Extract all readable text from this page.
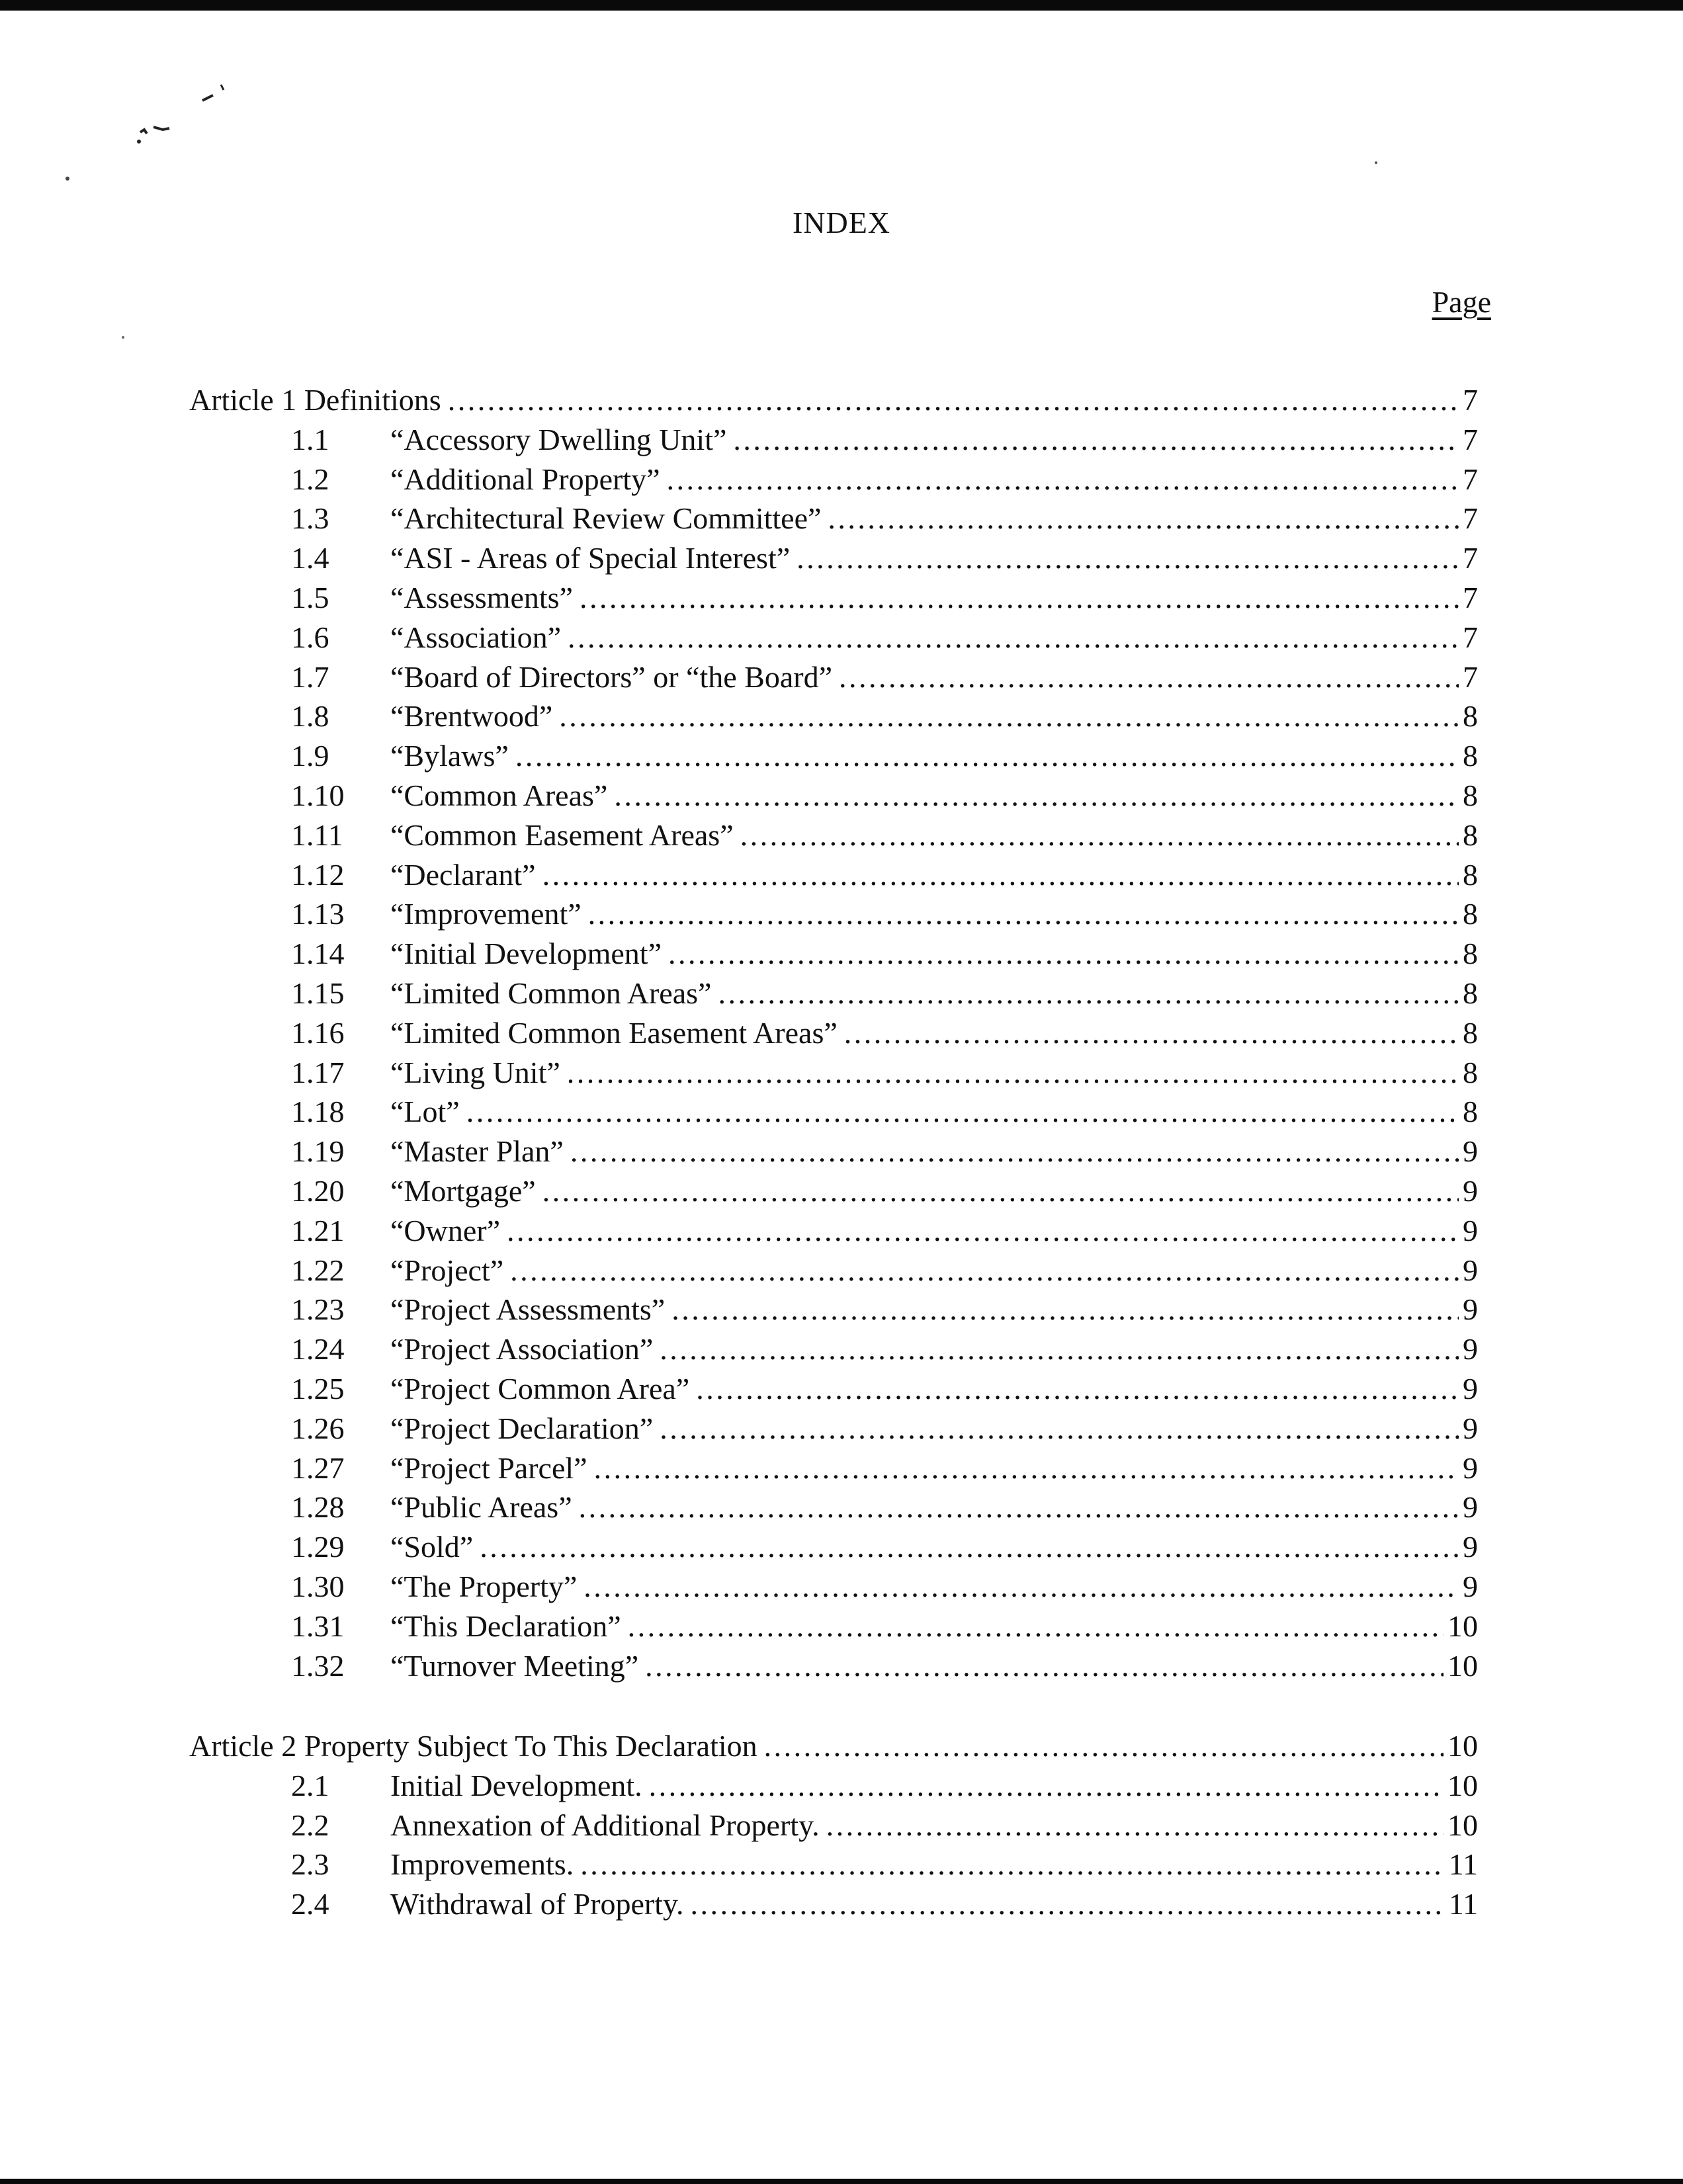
INDEX
Page
Article 1 Definitions . . .	7
1.1 “Accessory Dwelling Unit” . . .	7
1.2 “Additional Property” . . .	7
1.3 “Architectural Review Committee” . . .	7
1.4 “ASI - Areas of Special Interest” . . .	7
1.5 “Assessments” . . .	7
1.6 “Association” . . .	7
1.7 “Board of Directors” or “the Board” . . .	7
1.8 “Brentwood” . . .	8
1.9 “Bylaws” . . .	8
1.10 “Common Areas” . . .	8
1.11 “Common Easement Areas” . . .	8
1.12 “Declarant” . . .	8
1.13 “Improvement” . . .	8
1.14 “Initial Development” . . .	8
1.15 “Limited Common Areas” . . .	8
1.16 “Limited Common Easement Areas” . . .	8
1.17 “Living Unit” . . .	8
1.18 “Lot” . . .	8
1.19 “Master Plan” . . .	9
1.20 “Mortgage” . . .	9
1.21 “Owner” . . .	9
1.22 “Project” . . .	9
1.23 “Project Assessments” . . .	9
1.24 “Project Association” . . .	9
1.25 “Project Common Area” . . .	9
1.26 “Project Declaration” . . .	9
1.27 “Project Parcel” . . .	9
1.28 “Public Areas” . . .	9
1.29 “Sold” . . .	9
1.30 “The Property” . . .	9
1.31 “This Declaration” . . .	10
1.32 “Turnover Meeting” . . .	10
Article 2 Property Subject To This Declaration . . .	10
2.1 Initial Development. . . .	10
2.2 Annexation of Additional Property. . . .	10
2.3 Improvements. . . .	11
2.4 Withdrawal of Property. . . .	11
